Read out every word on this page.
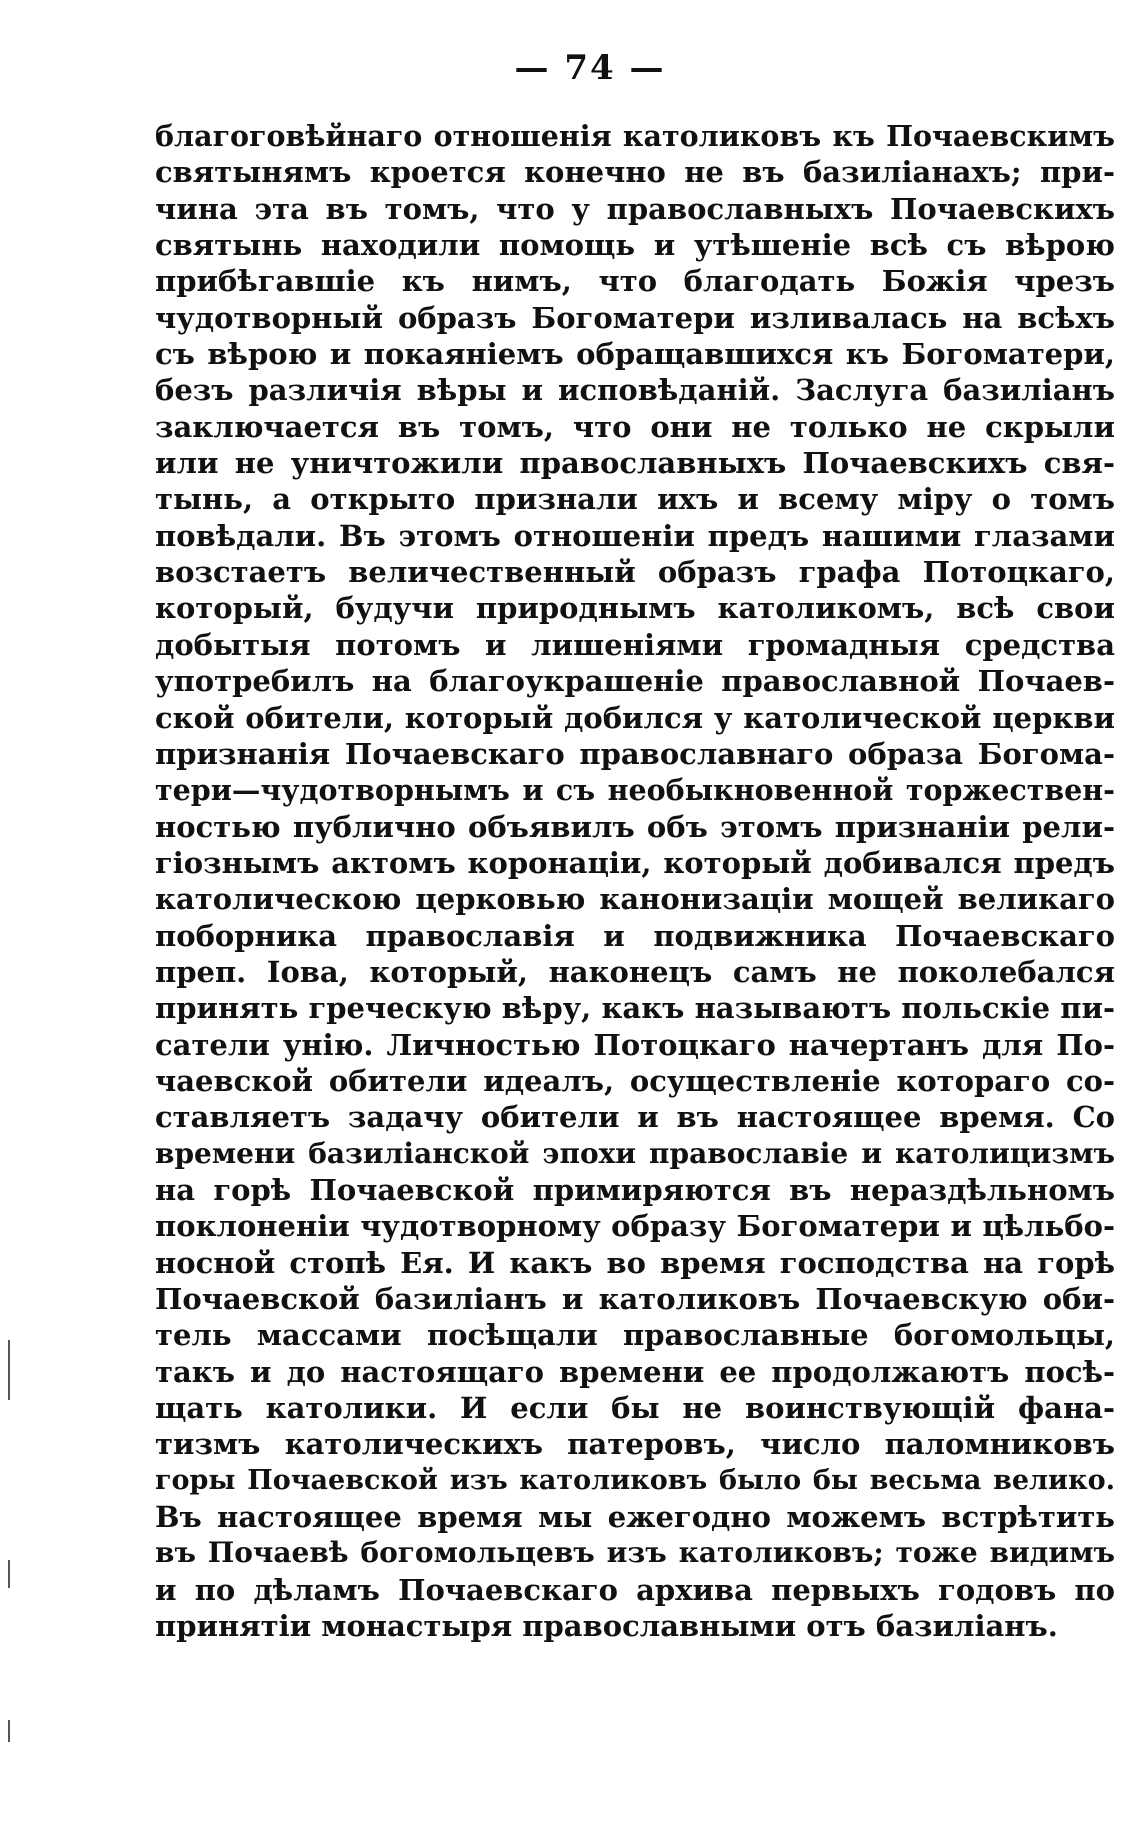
— 74 —
благоговѣйнаго отношенія католиковъ къ Почаевскимъ
святынямъ кроется конечно не въ базиліанахъ; при-
чина эта въ томъ, что у православныхъ Почаевскихъ
святынь находили помощь и утѣшеніе всѣ съ вѣрою
прибѣгавшіе къ нимъ, что благодать Божія чрезъ
чудотворный образъ Богоматери изливалась на всѣхъ
съ вѣрою и покаяніемъ обращавшихся къ Богоматери,
безъ различія вѣры и исповѣданій. Заслуга базиліанъ
заключается въ томъ, что они не только не скрыли
или не уничтожили православныхъ Почаевскихъ свя-
тынь, а открыто признали ихъ и всему міру о томъ
повѣдали. Въ этомъ отношеніи предъ нашими глазами
возстаетъ величественный образъ графа Потоцкаго,
который, будучи природнымъ католикомъ, всѣ свои
добытыя потомъ и лишеніями громадныя средства
употребилъ на благоукрашеніе православной Почаев-
ской обители, который добился у католической церкви
признанія Почаевскаго православнаго образа Богома-
тери—чудотворнымъ и съ необыкновенной торжествен-
ностью публично объявилъ объ этомъ признаніи рели-
гіознымъ актомъ коронаціи, который добивался предъ
католическою церковью канонизаціи мощей великаго
поборника православія и подвижника Почаевскаго
преп. Іова, который, наконецъ самъ не поколебался
принять греческую вѣру, какъ называютъ польскіе пи-
сатели унію. Личностью Потоцкаго начертанъ для По-
чаевской обители идеалъ, осуществленіе котораго со-
ставляетъ задачу обители и въ настоящее время. Со
времени базиліанской эпохи православіе и католицизмъ
на горѣ Почаевской примиряются въ нераздѣльномъ
поклоненіи чудотворному образу Богоматери и цѣльбо-
носной стопѣ Ея. И какъ во время господства на горѣ
Почаевской базиліанъ и католиковъ Почаевскую оби-
тель массами посѣщали православные богомольцы,
такъ и до настоящаго времени ее продолжаютъ посѣ-
щать католики. И если бы не воинствующій фана-
тизмъ католическихъ патеровъ, число паломниковъ
горы Почаевской изъ католиковъ было бы весьма велико.
Въ настоящее время мы ежегодно можемъ встрѣтить
въ Почаевѣ богомольцевъ изъ католиковъ; тоже видимъ
и по дѣламъ Почаевскаго архива первыхъ годовъ по
принятіи монастыря православными отъ базиліанъ.
